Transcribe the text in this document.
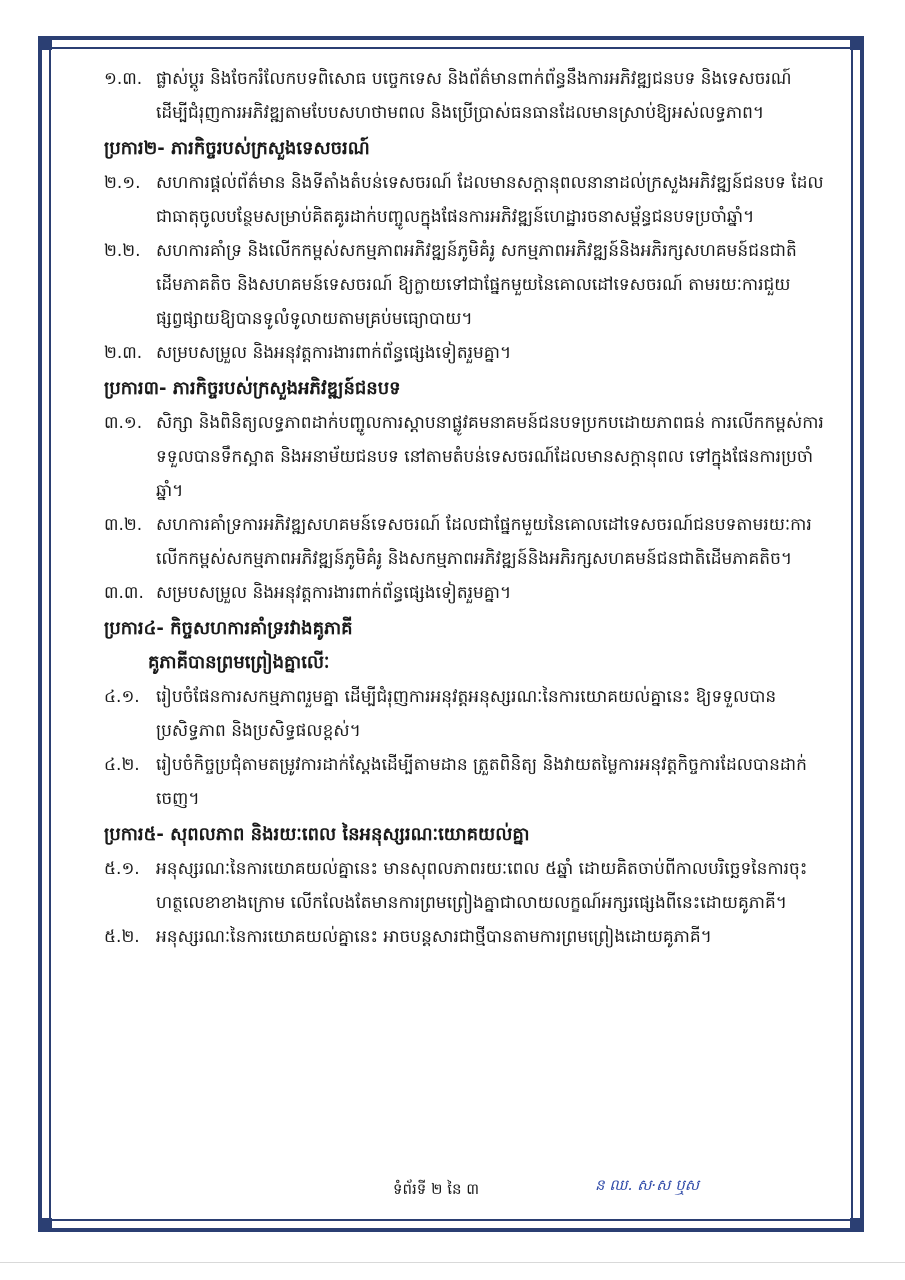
១.៣. ផ្លាស់ប្តូរ និងចែករំលែកបទពិសោធ បច្ចេកទេស និងព័ត៌មានពាក់ព័ន្ធនឹងការអភិវឌ្ឍជនបទ និងទេសចរណ៍ ដើម្បីជំរុញការអភិវឌ្ឍតាមបែបសហថាមពល និងប្រើប្រាស់ធនធានដែលមានស្រាប់ឱ្យអស់លទ្ធភាព។
ប្រការ២- ភារកិច្ចរបស់ក្រសួងទេសចរណ៍
២.១. សហការផ្តល់ព័ត៌មាន និងទីតាំងតំបន់ទេសចរណ៍ ដែលមានសក្តានុពលនានាដល់ក្រសួងអភិវឌ្ឍន៍ជនបទ ដែលជាធាតុចូលបន្ថែមសម្រាប់គិតគូរដាក់បញ្ចូលក្នុងផែនការអភិវឌ្ឍន៍ហេដ្ឋារចនាសម្ព័ន្ធជនបទប្រចាំឆ្នាំ។
២.២. សហការគាំទ្រ និងលើកកម្ពស់សកម្មភាពអភិវឌ្ឍន៍ភូមិគំរូ សកម្មភាពអភិវឌ្ឍន៍និងអភិរក្សសហគមន៍ជនជាតិដើមភាគតិច និងសហគមន៍ទេសចរណ៍ ឱ្យក្លាយទៅជាផ្នែកមួយនៃគោលដៅទេសចរណ៍ តាមរយៈការជួយផ្សព្វផ្សាយឱ្យបានទូលំទូលាយតាមគ្រប់មធ្យោបាយ។
២.៣. សម្របសម្រួល និងអនុវត្តការងារពាក់ព័ន្ធផ្សេងទៀតរួមគ្នា។
ប្រការ៣- ភារកិច្ចរបស់ក្រសួងអភិវឌ្ឍន៍ជនបទ
៣.១. សិក្សា និងពិនិត្យលទ្ធភាពដាក់បញ្ចូលការស្តាបនាផ្លូវគមនាគមន៍ជនបទប្រកបដោយភាពធន់ ការលើកកម្ពស់ការទទួលបានទឹកស្អាត និងអនាម័យជនបទ នៅតាមតំបន់ទេសចរណ៍ដែលមានសក្តានុពល ទៅក្នុងផែនការប្រចាំឆ្នាំ។
៣.២. សហការគាំទ្រការអភិវឌ្ឍសហគមន៍ទេសចរណ៍ ដែលជាផ្នែកមួយនៃគោលដៅទេសចរណ៍ជនបទតាមរយៈការលើកកម្ពស់សកម្មភាពអភិវឌ្ឍន៍ភូមិគំរូ និងសកម្មភាពអភិវឌ្ឍន៍និងអភិរក្សសហគមន៍ជនជាតិដើមភាគតិច។
៣.៣. សម្របសម្រួល និងអនុវត្តការងារពាក់ព័ន្ធផ្សេងទៀតរួមគ្នា។
ប្រការ៤- កិច្ចសហការគាំទ្ររវាងគូភាគី
គូភាគីបានព្រមព្រៀងគ្នាលើៈ
៤.១. រៀបចំផែនការសកម្មភាពរួមគ្នា ដើម្បីជំរុញការអនុវត្តអនុស្សរណៈនៃការយោគយល់គ្នានេះ ឱ្យទទួលបានប្រសិទ្ធភាព និងប្រសិទ្ធផលខ្ពស់។
៤.២. រៀបចំកិច្ចប្រជុំតាមតម្រូវការដាក់ស្តែងដើម្បីតាមដាន ត្រួតពិនិត្យ និងវាយតម្លៃការអនុវត្តកិច្ចការដែលបានដាក់ចេញ។
ប្រការ៥- សុពលភាព និងរយៈពេល នៃអនុស្សរណៈយោគយល់គ្នា
៥.១. អនុស្សរណៈនៃការយោគយល់គ្នានេះ មានសុពលភាពរយៈពេល ៥ឆ្នាំ ដោយគិតចាប់ពីកាលបរិច្ឆេទនៃការចុះហត្ថលេខាខាងក្រោម លើកលែងតែមានការព្រមព្រៀងគ្នាជាលាយលក្ខណ៍អក្សរផ្សេងពីនេះដោយគូភាគី។
៥.២. អនុស្សរណៈនៃការយោគយល់គ្នានេះ អាចបន្តសារជាថ្មីបានតាមការព្រមព្រៀងដោយគូភាគី។
ទំព័រទី ២ នៃ ៣	ន ឈ. ស·ស​ ​ឬស
